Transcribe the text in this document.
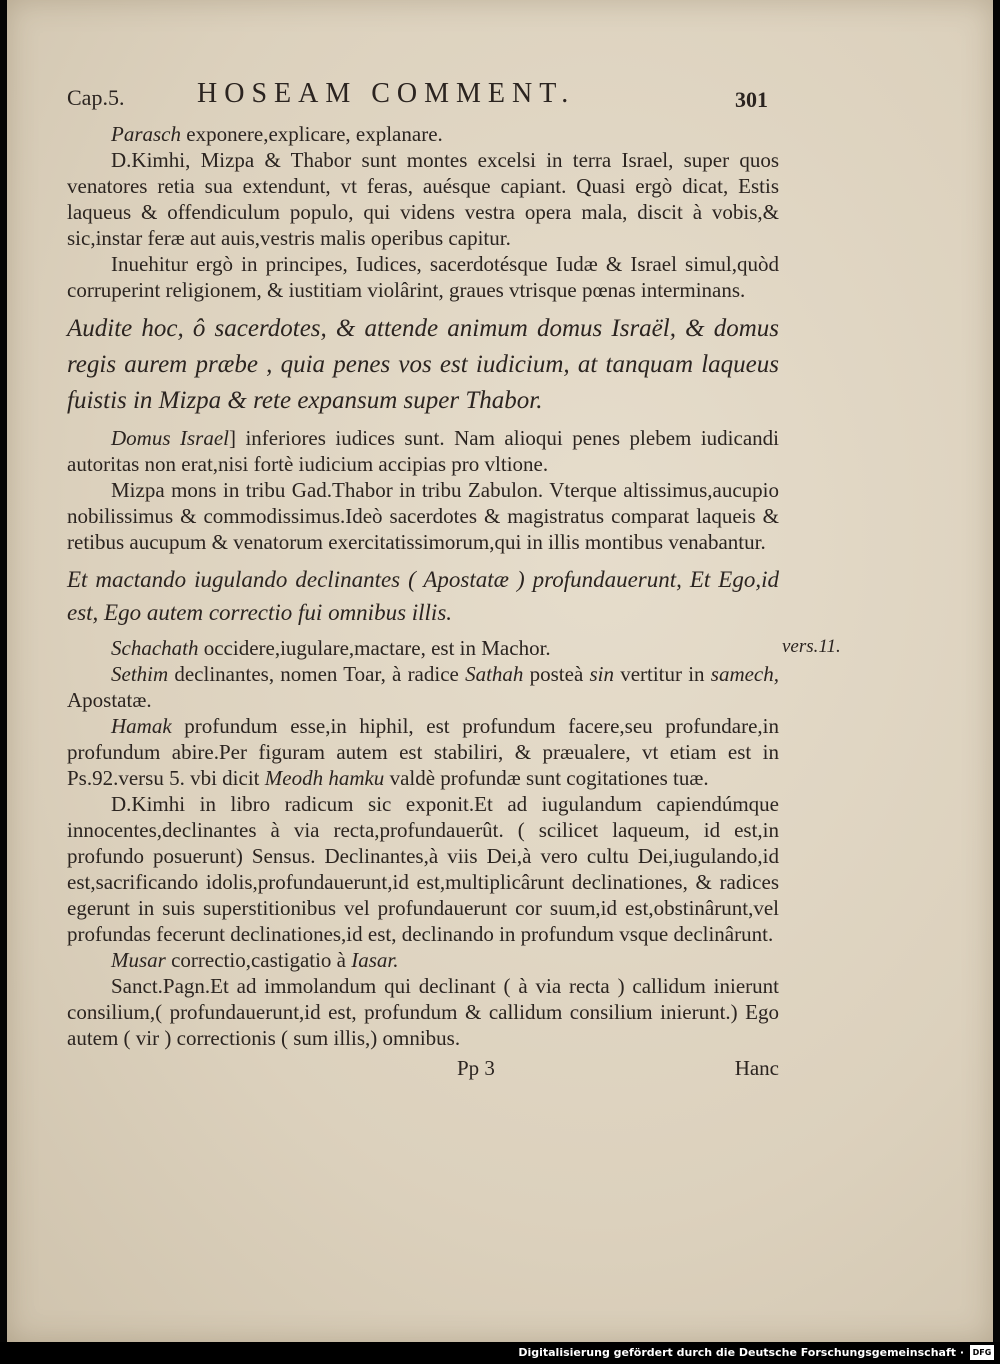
Cap.5.	HOSEAM COMMENT.	301

Parasch exponere,explicare, explanare.

D.Kimhi, Mizpa & Thabor sunt montes excelsi in terra Israel, super quos venatores retia sua extendunt, vt feras, auésque capiant. Quasi ergò dicat, Estis laqueus & offendiculum populo, qui videns vestra opera mala, discit à vobis,& sic,instar feræ aut auis,vestris malis operibus capitur.

Inuehitur ergò in principes, Iudices, sacerdotésque Iudæ & Israel simul,quòd corruperint religionem, & iustitiam violârint, graues vtrisque pœnas interminans.

Audite hoc, ô sacerdotes, & attende animum domus Israël, & domus regis aurem præbe , quia penes vos est iudicium, at tanquam laqueus fuistis in Mizpa & rete expansum super Thabor.

Domus Israel] inferiores iudices sunt. Nam alioqui penes plebem iudicandi autoritas non erat,nisi fortè iudicium accipias pro vltione.

Mizpa mons in tribu Gad.Thabor in tribu Zabulon. Vterque altissimus,aucupio nobilissimus & commodissimus.Ideò sacerdotes & magistratus comparat laqueis & retibus aucupum & venatorum exercitatissimorum,qui in illis montibus venabantur.

Et mactando iugulando declinantes ( Apostatæ ) profundauerunt, Et Ego,id est, Ego autem correctio fui omnibus illis.

Schachath occidere,iugulare,mactare, est in Machor.

Sethim declinantes, nomen Toar, à radice Sathah posteà sin vertitur in samech, Apostatæ.

Hamak profundum esse,in hiphil, est profundum facere,seu profundare,in profundum abire.Per figuram autem est stabiliri, & præualere, vt etiam est in Ps.92.versu 5. vbi dicit Meodh hamku valdè profundæ sunt cogitationes tuæ.

D.Kimhi in libro radicum sic exponit.Et ad iugulandum capiendúmque innocentes,declinantes à via recta,profundauerût. ( scilicet laqueum, id est,in profundo posuerunt) Sensus. Declinantes,à viis Dei,à vero cultu Dei,iugulando,id est,sacrificando idolis,profundauerunt,id est,multiplicârunt declinationes, & radices egerunt in suis superstitionibus vel profundauerunt cor suum,id est,obstinârunt,vel profundas fecerunt declinationes,id est, declinando in profundum vsque declinârunt.

Musar correctio,castigatio à Iasar.

Sanct.Pagn.Et ad immolandum qui declinant ( à via recta ) callidum inierunt consilium,( profundauerunt,id est, profundum & callidum consilium inierunt.) Ego autem ( vir ) correctionis ( sum illis,) omnibus.

Pp 3	Hanc
vers.11.
Digitalisierung gefördert durch die Deutsche Forschungsgemeinschaft ·	DFG
